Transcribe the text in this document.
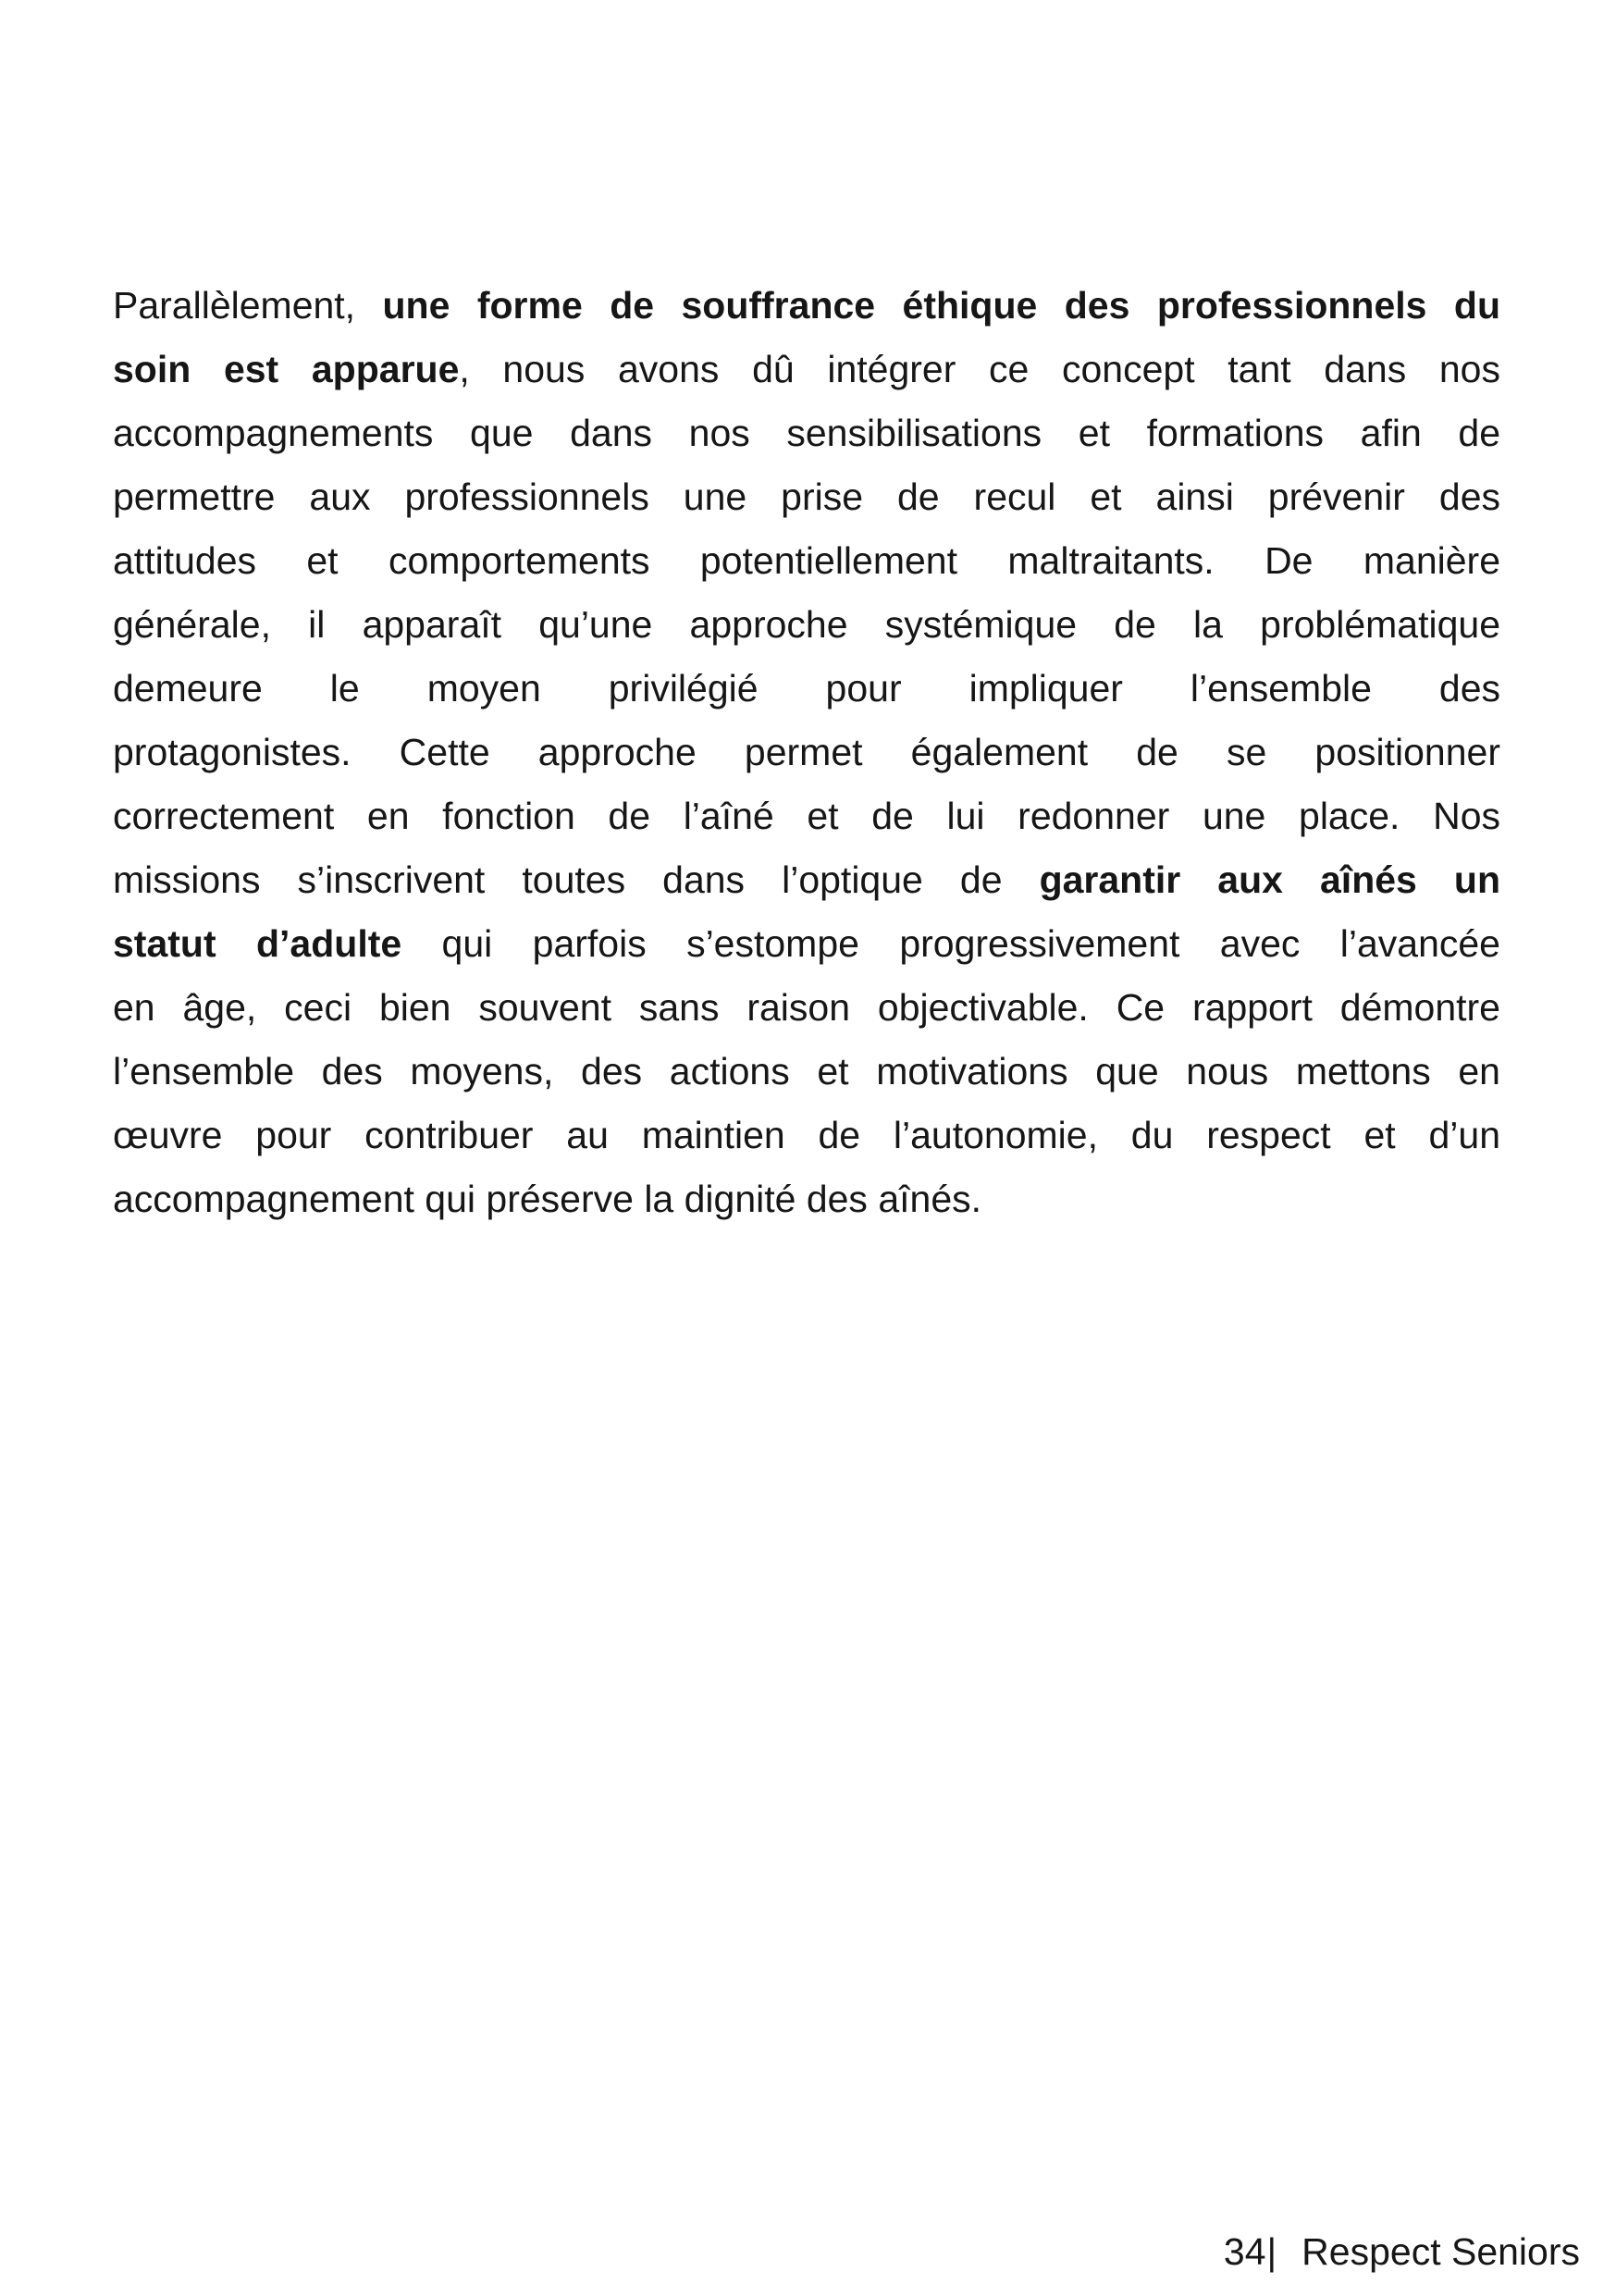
Parallèlement, une forme de souffrance éthique des professionnels du
soin est apparue, nous avons dû intégrer ce concept tant dans nos
accompagnements que dans nos sensibilisations et formations afin de
permettre aux professionnels une prise de recul et ainsi prévenir des
attitudes et comportements potentiellement maltraitants. De manière
générale, il apparaît qu’une approche systémique de la problématique
demeure le moyen privilégié pour impliquer l’ensemble des
protagonistes. Cette approche permet également de se positionner
correctement en fonction de l’aîné et de lui redonner une place. Nos
missions s’inscrivent toutes dans l’optique de garantir aux aînés un
statut d’adulte qui parfois s’estompe progressivement avec l’avancée
en âge, ceci bien souvent sans raison objectivable. Ce rapport démontre
l’ensemble des moyens, des actions et motivations que nous mettons en
œuvre pour contribuer au maintien de l’autonomie, du respect et d’un
accompagnement qui préserve la dignité des aînés.
34| Respect Seniors
